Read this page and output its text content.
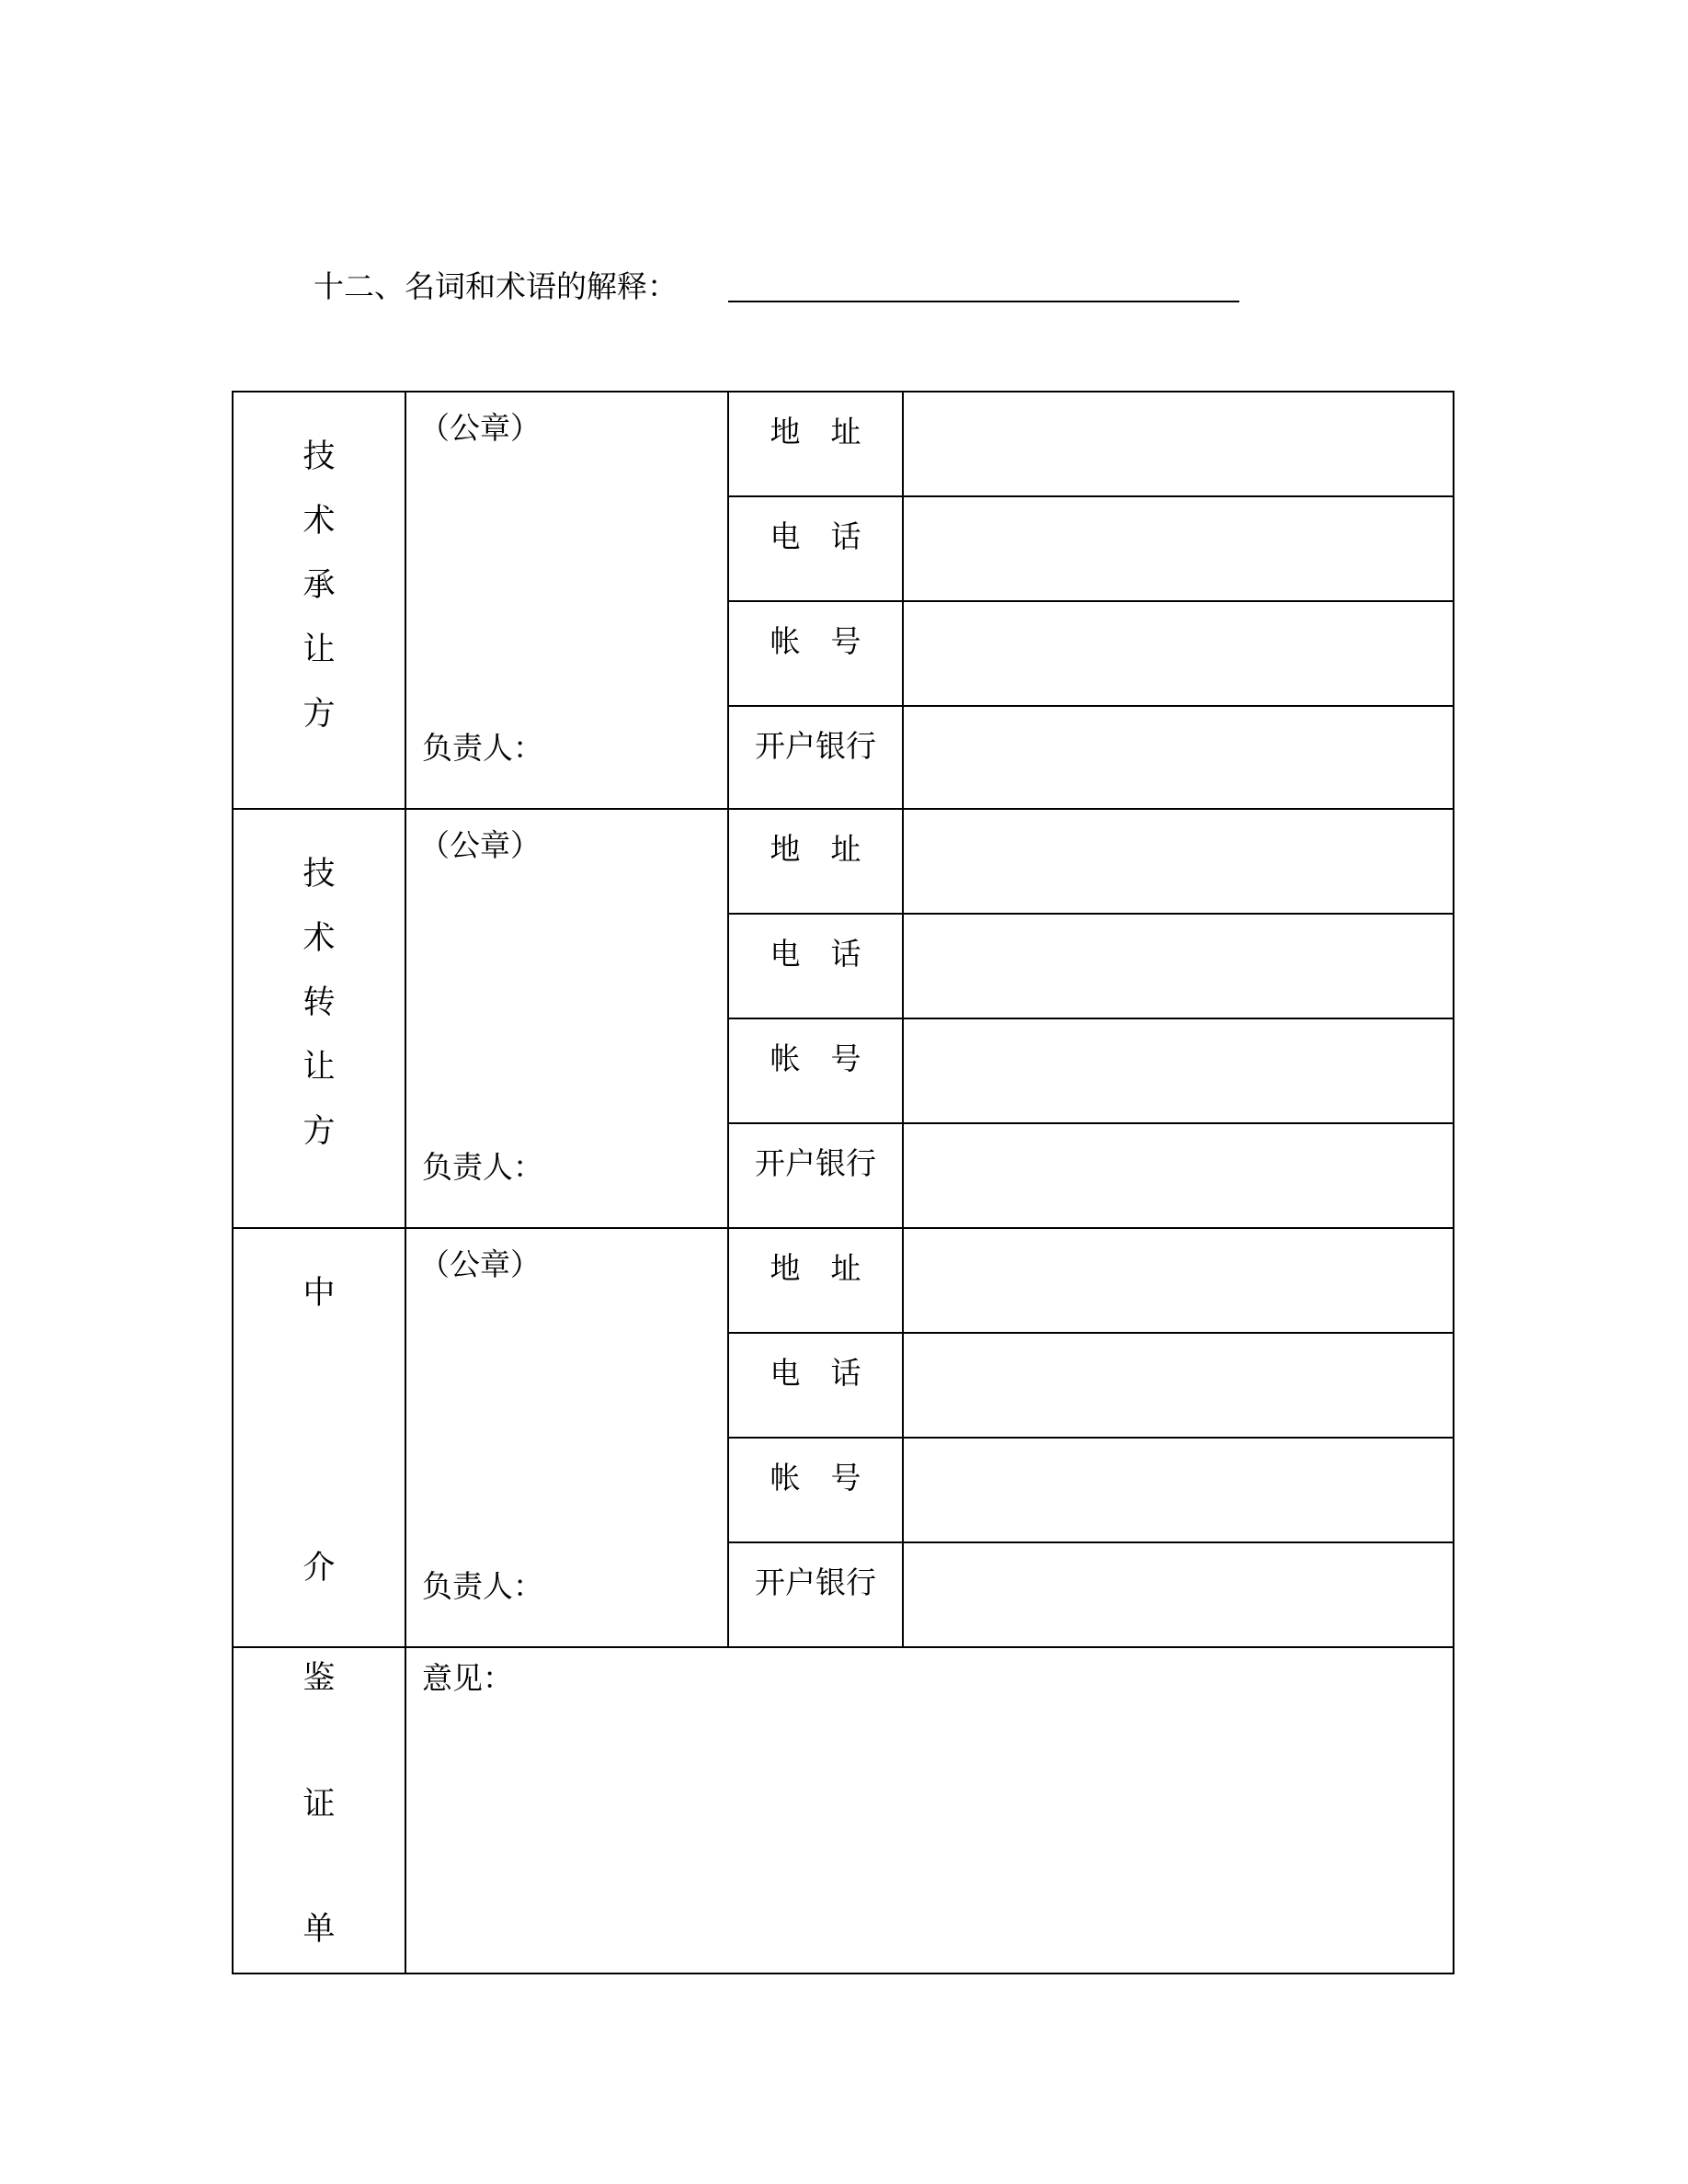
十二、名词和术语的解释：
技
术
承
让
方
（公章）
负责人：
地　址
电　话
帐　号
开户银行
技
术
转
让
方
（公章）
负责人：
地　址
电　话
帐　号
开户银行
中
介
（公章）
负责人：
地　址
电　话
帐　号
开户银行
鉴
证
单
意见：
